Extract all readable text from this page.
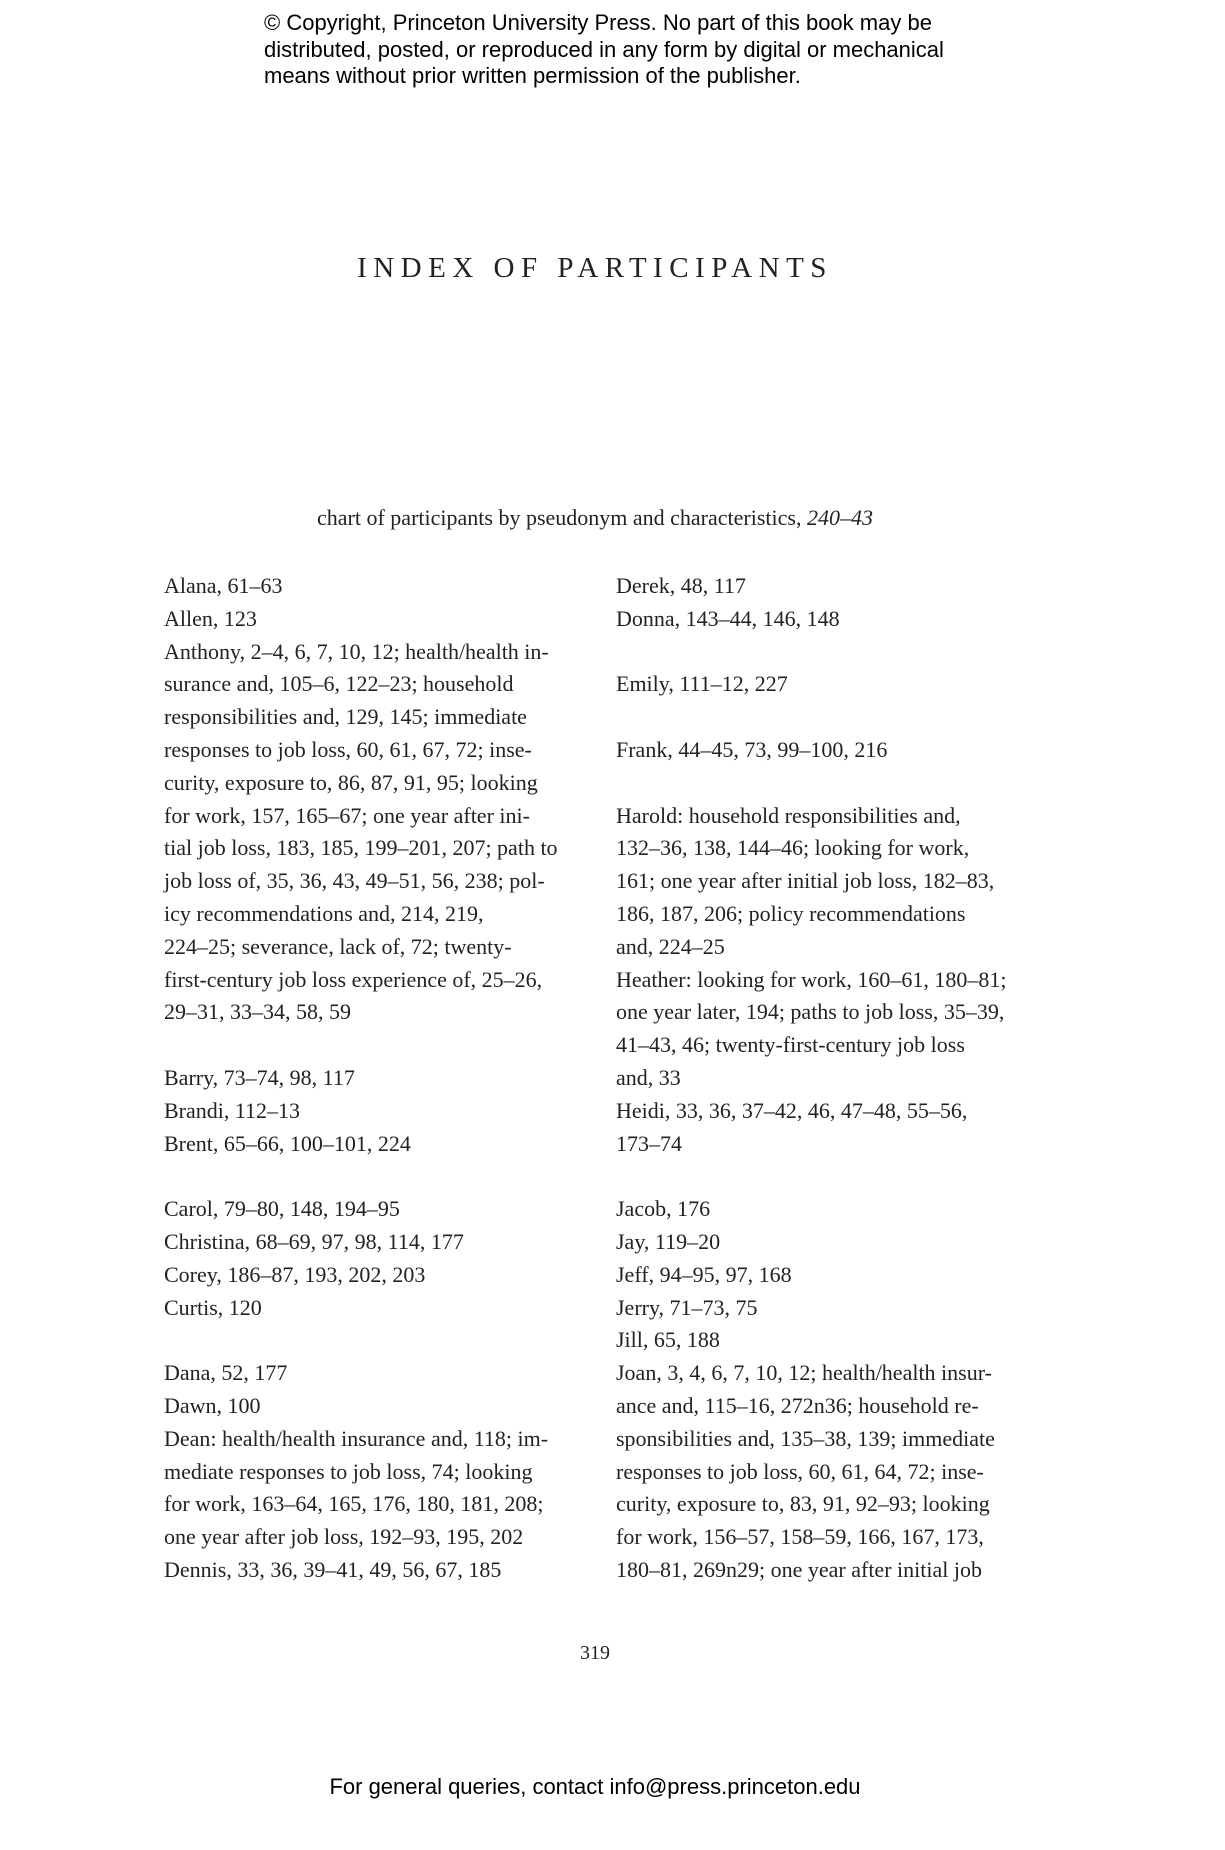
© Copyright, Princeton University Press. No part of this book may be
distributed, posted, or reproduced in any form by digital or mechanical
means without prior written permission of the publisher.
INDEX OF PARTICIPANTS
chart of participants by pseudonym and characteristics, 240–43
Alana, 61–63
Allen, 123
Anthony, 2–4, 6, 7, 10, 12; health/health in-
surance and, 105–6, 122–23; household
responsibilities and, 129, 145; immediate
responses to job loss, 60, 61, 67, 72; inse-
curity, exposure to, 86, 87, 91, 95; looking
for work, 157, 165–67; one year after ini-
tial job loss, 183, 185, 199–201, 207; path to
job loss of, 35, 36, 43, 49–51, 56, 238; pol-
icy recommendations and, 214, 219,
224–25; severance, lack of, 72; twenty-
first-century job loss experience of, 25–26,
29–31, 33–34, 58, 59
Barry, 73–74, 98, 117
Brandi, 112–13
Brent, 65–66, 100–101, 224
Carol, 79–80, 148, 194–95
Christina, 68–69, 97, 98, 114, 177
Corey, 186–87, 193, 202, 203
Curtis, 120
Dana, 52, 177
Dawn, 100
Dean: health/health insurance and, 118; im-
mediate responses to job loss, 74; looking
for work, 163–64, 165, 176, 180, 181, 208;
one year after job loss, 192–93, 195, 202
Dennis, 33, 36, 39–41, 49, 56, 67, 185
Derek, 48, 117
Donna, 143–44, 146, 148
Emily, 111–12, 227
Frank, 44–45, 73, 99–100, 216
Harold: household responsibilities and,
132–36, 138, 144–46; looking for work,
161; one year after initial job loss, 182–83,
186, 187, 206; policy recommendations
and, 224–25
Heather: looking for work, 160–61, 180–81;
one year later, 194; paths to job loss, 35–39,
41–43, 46; twenty-first-century job loss
and, 33
Heidi, 33, 36, 37–42, 46, 47–48, 55–56,
173–74
Jacob, 176
Jay, 119–20
Jeff, 94–95, 97, 168
Jerry, 71–73, 75
Jill, 65, 188
Joan, 3, 4, 6, 7, 10, 12; health/health insur-
ance and, 115–16, 272n36; household re-
sponsibilities and, 135–38, 139; immediate
responses to job loss, 60, 61, 64, 72; inse-
curity, exposure to, 83, 91, 92–93; looking
for work, 156–57, 158–59, 166, 167, 173,
180–81, 269n29; one year after initial job
319
For general queries, contact info@press.princeton.edu
